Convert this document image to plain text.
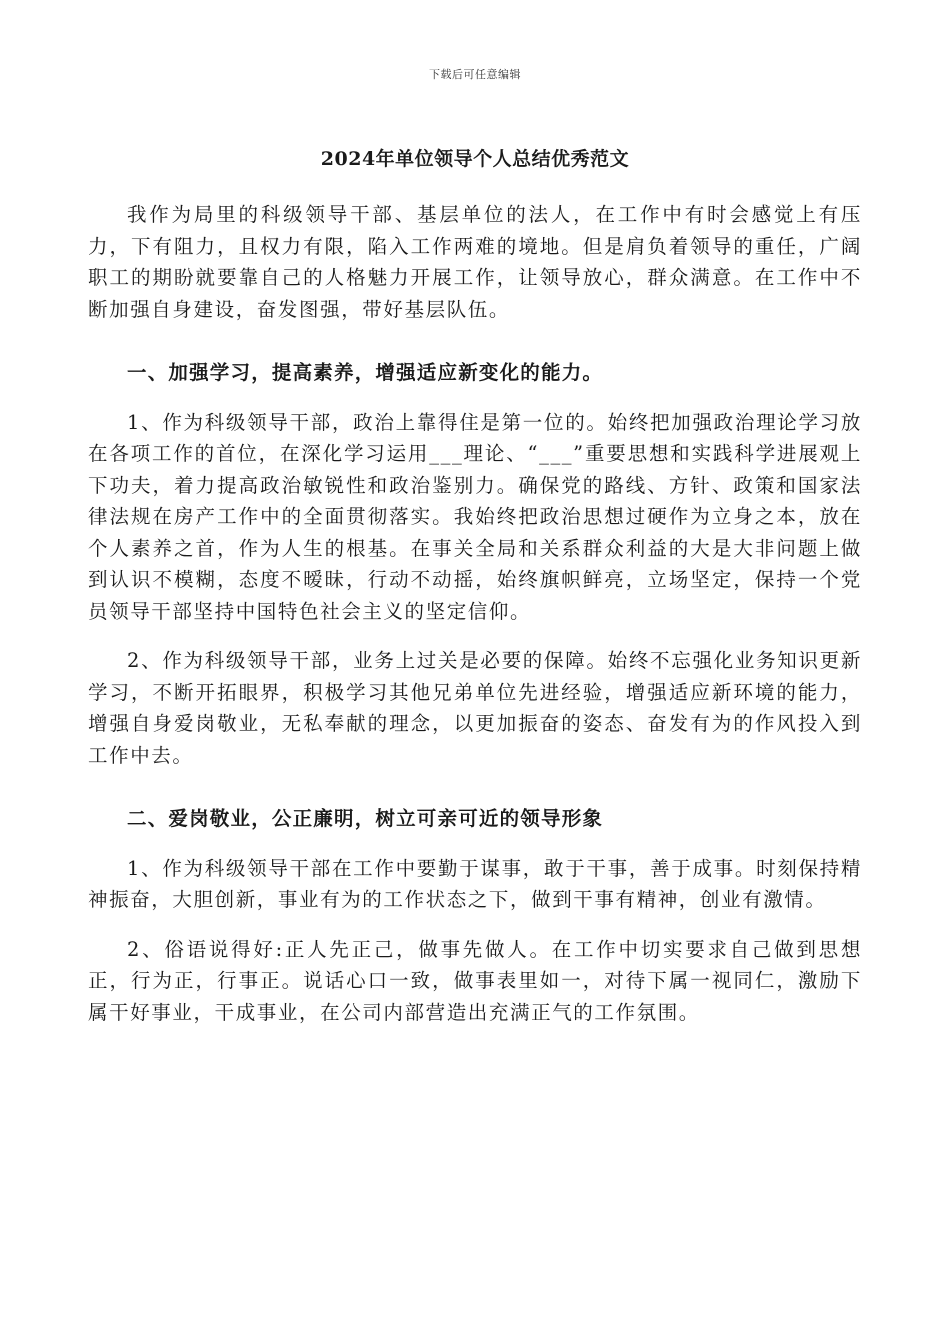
下载后可任意编辑
2024年单位领导个人总结优秀范文

我作为局里的科级领导干部、基层单位的法人，在工作中有时会感觉上有压力，下有阻力，且权力有限，陷入工作两难的境地。但是肩负着领导的重任，广阔职工的期盼就要靠自己的人格魅力开展工作，让领导放心，群众满意。在工作中不断加强自身建设，奋发图强，带好基层队伍。

一、加强学习，提高素养，增强适应新变化的能力。

1、作为科级领导干部，政治上靠得住是第一位的。始终把加强政治理论学习放在各项工作的首位，在深化学习运用___理论、“___”重要思想和实践科学进展观上下功夫，着力提高政治敏锐性和政治鉴别力。确保党的路线、方针、政策和国家法律法规在房产工作中的全面贯彻落实。我始终把政治思想过硬作为立身之本，放在个人素养之首，作为人生的根基。在事关全局和关系群众利益的大是大非问题上做到认识不模糊，态度不暧昧，行动不动摇，始终旗帜鲜亮，立场坚定，保持一个党员领导干部坚持中国特色社会主义的坚定信仰。

2、作为科级领导干部，业务上过关是必要的保障。始终不忘强化业务知识更新学习，不断开拓眼界，积极学习其他兄弟单位先进经验，增强适应新环境的能力，增强自身爱岗敬业，无私奉献的理念，以更加振奋的姿态、奋发有为的作风投入到工作中去。

二、爱岗敬业，公正廉明，树立可亲可近的领导形象

1、作为科级领导干部在工作中要勤于谋事，敢于干事，善于成事。时刻保持精神振奋，大胆创新，事业有为的工作状态之下，做到干事有精神，创业有激情。

2、俗语说得好:正人先正己，做事先做人。在工作中切实要求自己做到思想正，行为正，行事正。说话心口一致，做事表里如一，对待下属一视同仁，激励下属干好事业，干成事业，在公司内部营造出充满正气的工作氛围。
